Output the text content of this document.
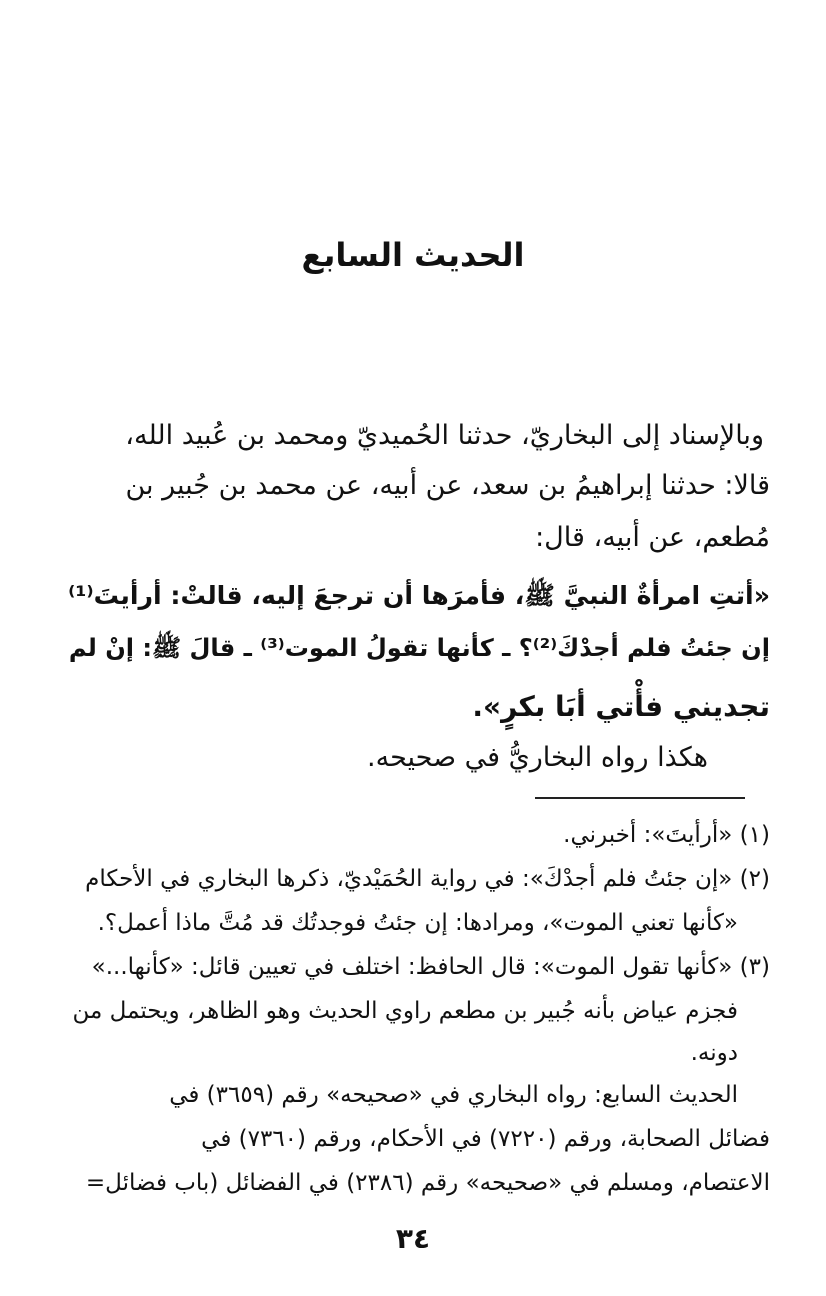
الحديث السابع
وبالإسناد إلى البخاريّ، حدثنا الحُميديّ ومحمد بن عُبيد الله،
قالا: حدثنا إبراهيمُ بن سعد، عن أبيه، عن محمد بن جُبير بن
مُطعم، عن أبيه، قال:
«أتتِ امرأةٌ النبيَّ ﷺ، فأمرَها أن ترجعَ إليه، قالتْ: أرأيتَ⁽¹⁾
إن جئتُ فلم أجدْكَ⁽²⁾؟ ـ كأنها تقولُ الموت⁽³⁾ ـ قالَ ﷺ: إنْ لم
تجديني فأْتي أبَا بكرٍ».
هكذا رواه البخاريُّ في صحيحه.
(١) «أرأيتَ»: أخبرني.
(٢) «إن جئتُ فلم أجدْكَ»: في رواية الحُمَيْديّ، ذكرها البخاري في الأحكام
«كأنها تعني الموت»، ومرادها: إن جئتُ فوجدتُك قد مُتَّ ماذا أعمل؟.
(٣) «كأنها تقول الموت»: قال الحافظ: اختلف في تعيين قائل: «كأنها...»
فجزم عياض بأنه جُبير بن مطعم راوي الحديث وهو الظاهر، ويحتمل من
دونه.
الحديث السابع: رواه البخاري في «صحيحه» رقم (٣٦٥٩) في
فضائل الصحابة، ورقم (٧٢٢٠) في الأحكام، ورقم (٧٣٦٠) في
الاعتصام، ومسلم في «صحيحه» رقم (٢٣٨٦) في الفضائل (باب فضائل=
٣٤
